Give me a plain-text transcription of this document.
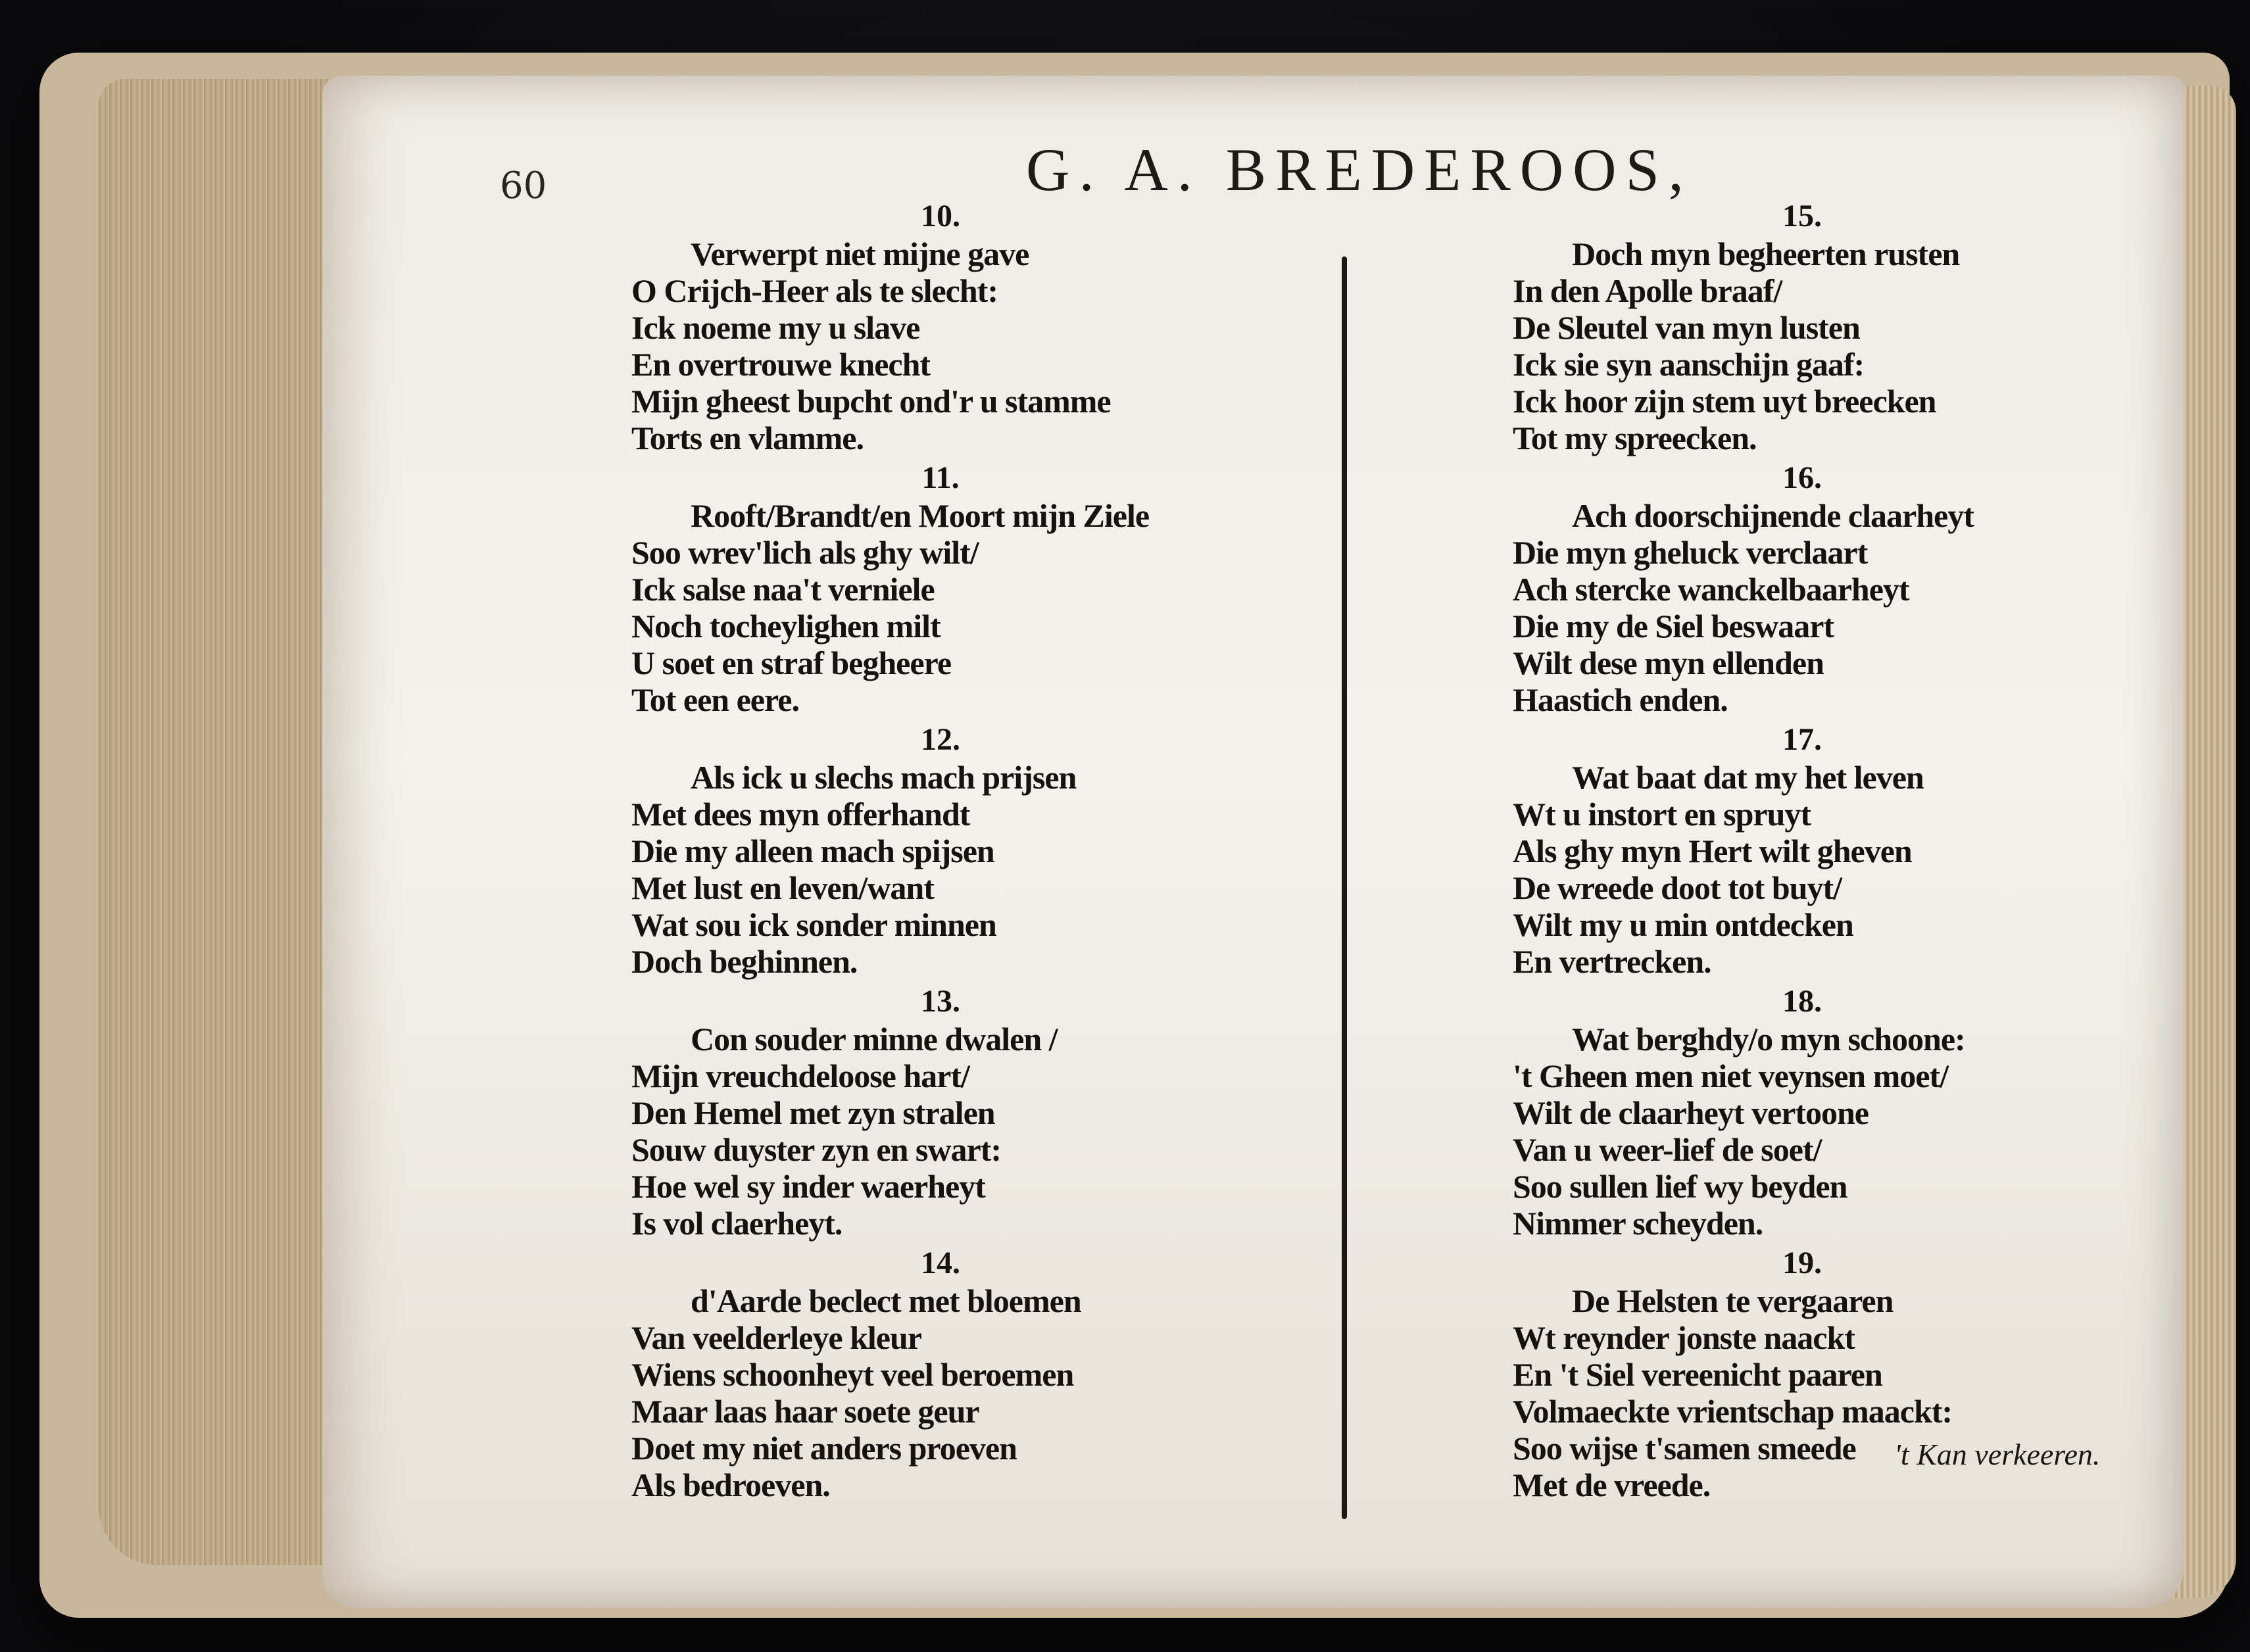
60	G. A. BREDEROOS,
10.
Verwerpt niet mijne gave
O Crijch-Heer als te slecht:
Ick noeme my u slave
En overtrouwe knecht
Mijn gheest bupcht ond'r u stamme
Torts en vlamme.
11.
Rooft/Brandt/en Moort mijn Ziele
Soo wrev'lich als ghy wilt/
Ick salse naa't verniele
Noch tocheylighen milt
U soet en straf begheere
Tot een eere.
12.
Als ick u slechs mach prijsen
Met dees myn offerhandt
Die my alleen mach spijsen
Met lust en leven/want
Wat sou ick sonder minnen
Doch beghinnen.
13.
Con souder minne dwalen /
Mijn vreuchdeloose hart/
Den Hemel met zyn stralen
Souw duyster zyn en swart:
Hoe wel sy inder waerheyt
Is vol claerheyt.
14.
d'Aarde beclect met bloemen
Van veelderleye kleur
Wiens schoonheyt veel beroemen
Maar laas haar soete geur
Doet my niet anders proeven
Als bedroeven.
15.
Doch myn begheerten rusten
In den Apolle braaf/
De Sleutel van myn lusten
Ick sie syn aanschijn gaaf:
Ick hoor zijn stem uyt breecken
Tot my spreecken.
16.
Ach doorschijnende claarheyt
Die myn gheluck verclaart
Ach stercke wanckelbaarheyt
Die my de Siel beswaart
Wilt dese myn ellenden
Haastich enden.
17.
Wat baat dat my het leven
Wt u instort en spruyt
Als ghy myn Hert wilt gheven
De wreede doot tot buyt/
Wilt my u min ontdecken
En vertrecken.
18.
Wat berghdy/o myn schoone:
't Gheen men niet veynsen moet/
Wilt de claarheyt vertoone
Van u weer-lief de soet/
Soo sullen lief wy beyden
Nimmer scheyden.
19.
De Helsten te vergaaren
Wt reynder jonste naackt
En 't Siel vereenicht paaren
Volmaeckte vrientschap maackt:
Soo wijse t'samen smeede
Met de vreede.
't Kan verkeeren.
